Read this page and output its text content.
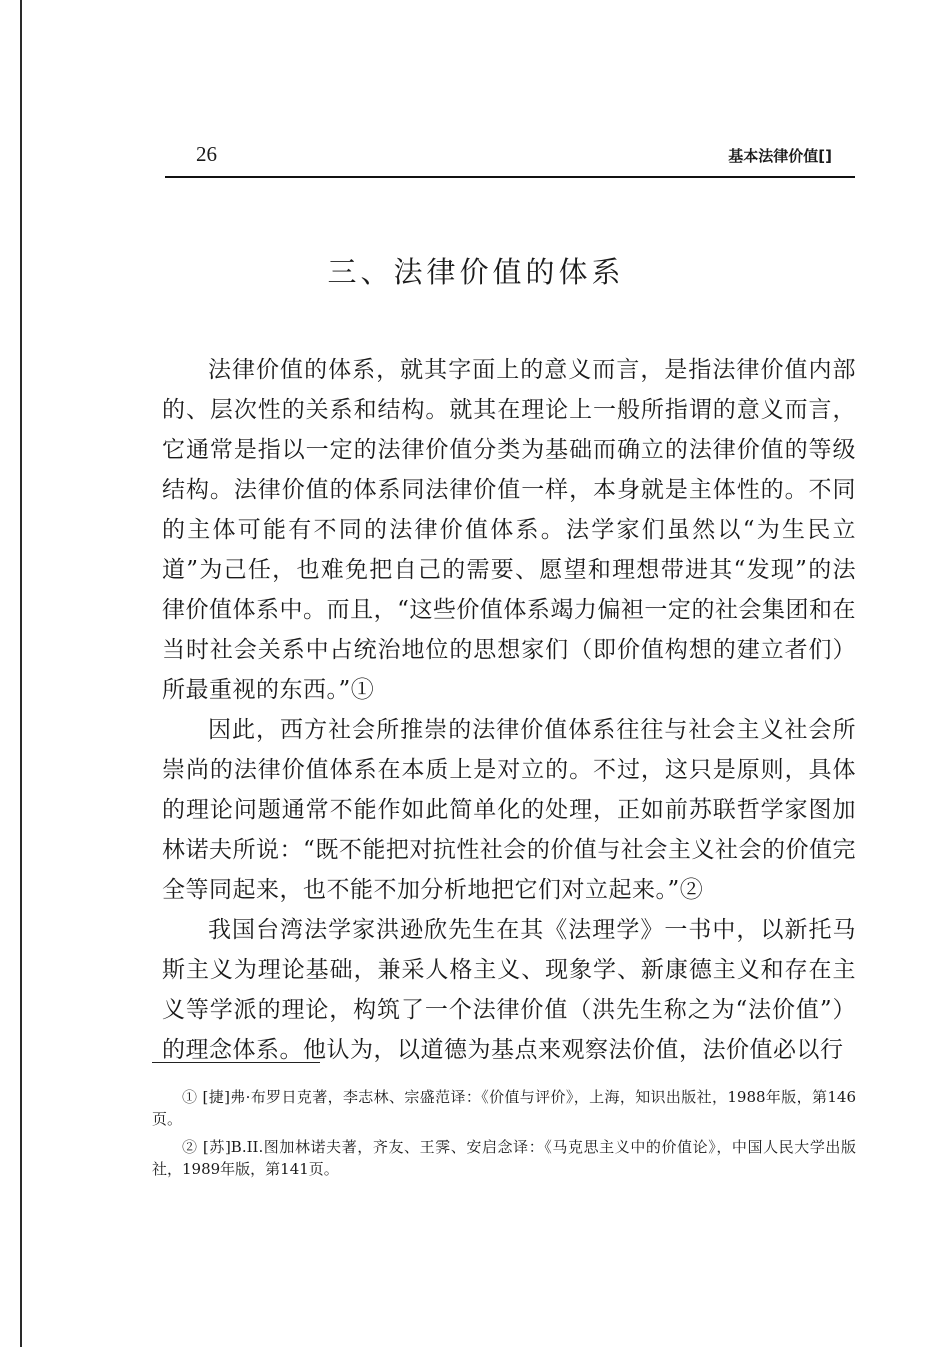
26	基本法律价值[]
三、法律价值的体系

法律价值的体系，就其字面上的意义而言，是指法律价值内部的、层次性的关系和结构。就其在理论上一般所指谓的意义而言，它通常是指以一定的法律价值分类为基础而确立的法律价值的等级结构。法律价值的体系同法律价值一样，本身就是主体性的。不同的主体可能有不同的法律价值体系。法学家们虽然以“为生民立道”为己任，也难免把自己的需要、愿望和理想带进其“发现”的法律价值体系中。而且，“这些价值体系竭力偏袒一定的社会集团和在当时社会关系中占统治地位的思想家们（即价值构想的建立者们）所最重视的东西。”①

因此，西方社会所推崇的法律价值体系往往与社会主义社会所崇尚的法律价值体系在本质上是对立的。不过，这只是原则，具体的理论问题通常不能作如此简单化的处理，正如前苏联哲学家图加林诺夫所说：“既不能把对抗性社会的价值与社会主义社会的价值完全等同起来，也不能不加分析地把它们对立起来。”②

我国台湾法学家洪逊欣先生在其《法理学》一书中，以新托马斯主义为理论基础，兼采人格主义、现象学、新康德主义和存在主义等学派的理论，构筑了一个法律价值（洪先生称之为“法价值”）的理念体系。他认为，以道德为基点来观察法价值，法价值必以行

① [捷]弗·布罗日克著，李志林、宗盛范译：《价值与评价》，上海，知识出版社，1988年版，第146页。

② [苏]B.II.图加林诺夫著，齐友、王霁、安启念译：《马克思主义中的价值论》，中国人民大学出版社，1989年版，第141页。
